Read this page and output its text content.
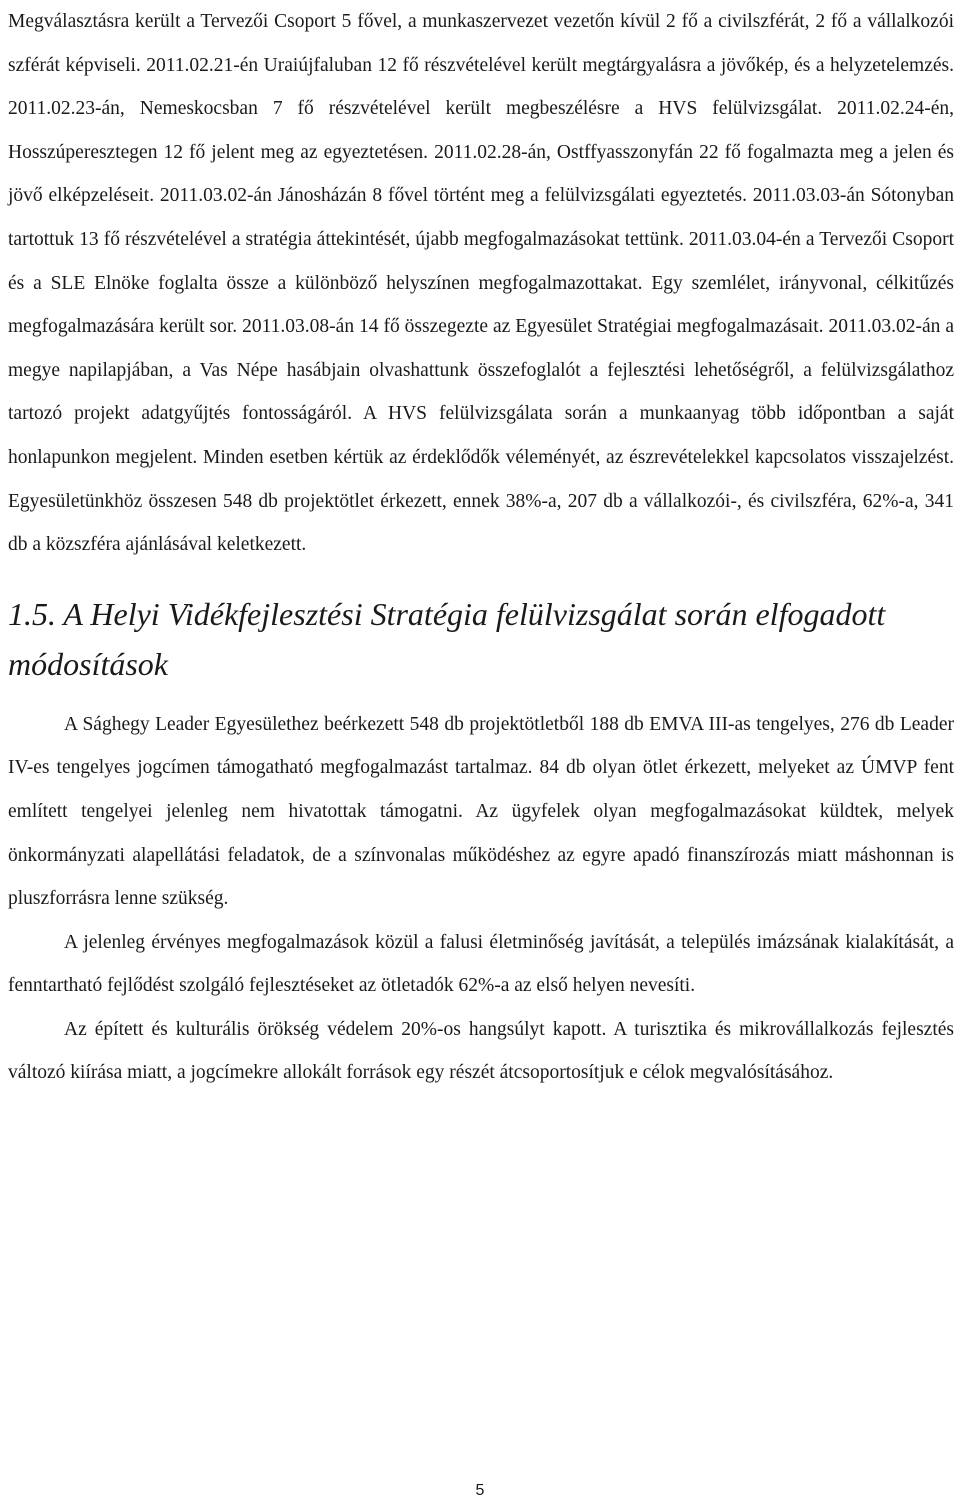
Megválasztásra került a Tervezői Csoport 5 fővel, a munkaszervezet vezetőn kívül 2 fő a civilszférát, 2 fő a vállalkozói szférát képviseli. 2011.02.21-én Uraiújfaluban 12 fő részvételével került megtárgyalásra a jövőkép, és a helyzetelemzés. 2011.02.23-án, Nemeskocsban 7 fő részvételével került megbeszélésre a HVS felülvizsgálat. 2011.02.24-én, Hosszúperesztegen 12 fő jelent meg az egyeztetésen. 2011.02.28-án, Ostffyasszonyfán 22 fő fogalmazta meg a jelen és jövő elképzeléseit. 2011.03.02-án Jánosházán 8 fővel történt meg a felülvizsgálati egyeztetés. 2011.03.03-án Sótonyban tartottuk 13 fő részvételével a stratégia áttekintését, újabb megfogalmazásokat tettünk. 2011.03.04-én a Tervezői Csoport és a SLE Elnöke foglalta össze a különböző helyszínen megfogalmazottakat. Egy szemlélet, irányvonal, célkitűzés megfogalmazására került sor. 2011.03.08-án 14 fő összegezte az Egyesület Stratégiai megfogalmazásait. 2011.03.02-án a megye napilapjában, a Vas Népe hasábjain olvashattunk összefoglalót a fejlesztési lehetőségről, a felülvizsgálathoz tartozó projekt adatgyűjtés fontosságáról. A HVS felülvizsgálata során a munkaanyag több időpontban a saját honlapunkon megjelent. Minden esetben kértük az érdeklődők véleményét, az észrevételekkel kapcsolatos visszajelzést. Egyesületünkhöz összesen 548 db projektötlet érkezett, ennek 38%-a, 207 db a vállalkozói-, és civilszféra, 62%-a, 341 db a közszféra ajánlásával keletkezett.

1.5. A Helyi Vidékfejlesztési Stratégia felülvizsgálat során elfogadott módosítások

A Sághegy Leader Egyesülethez beérkezett 548 db projektötletből 188 db EMVA III-as tengelyes, 276 db Leader IV-es tengelyes jogcímen támogatható megfogalmazást tartalmaz. 84 db olyan ötlet érkezett, melyeket az ÚMVP fent említett tengelyei jelenleg nem hivatottak támogatni. Az ügyfelek olyan megfogalmazásokat küldtek, melyek önkormányzati alapellátási feladatok, de a színvonalas működéshez az egyre apadó finanszírozás miatt máshonnan is pluszforrásra lenne szükség.

A jelenleg érvényes megfogalmazások közül a falusi életminőség javítását, a település imázsának kialakítását, a fenntartható fejlődést szolgáló fejlesztéseket az ötletadók 62%-a az első helyen nevesíti.

Az épített és kulturális örökség védelem 20%-os hangsúlyt kapott. A turisztika és mikrovállalkozás fejlesztés változó kiírása miatt, a jogcímekre allokált források egy részét átcsoportosítjuk e célok megvalósításához.

5
